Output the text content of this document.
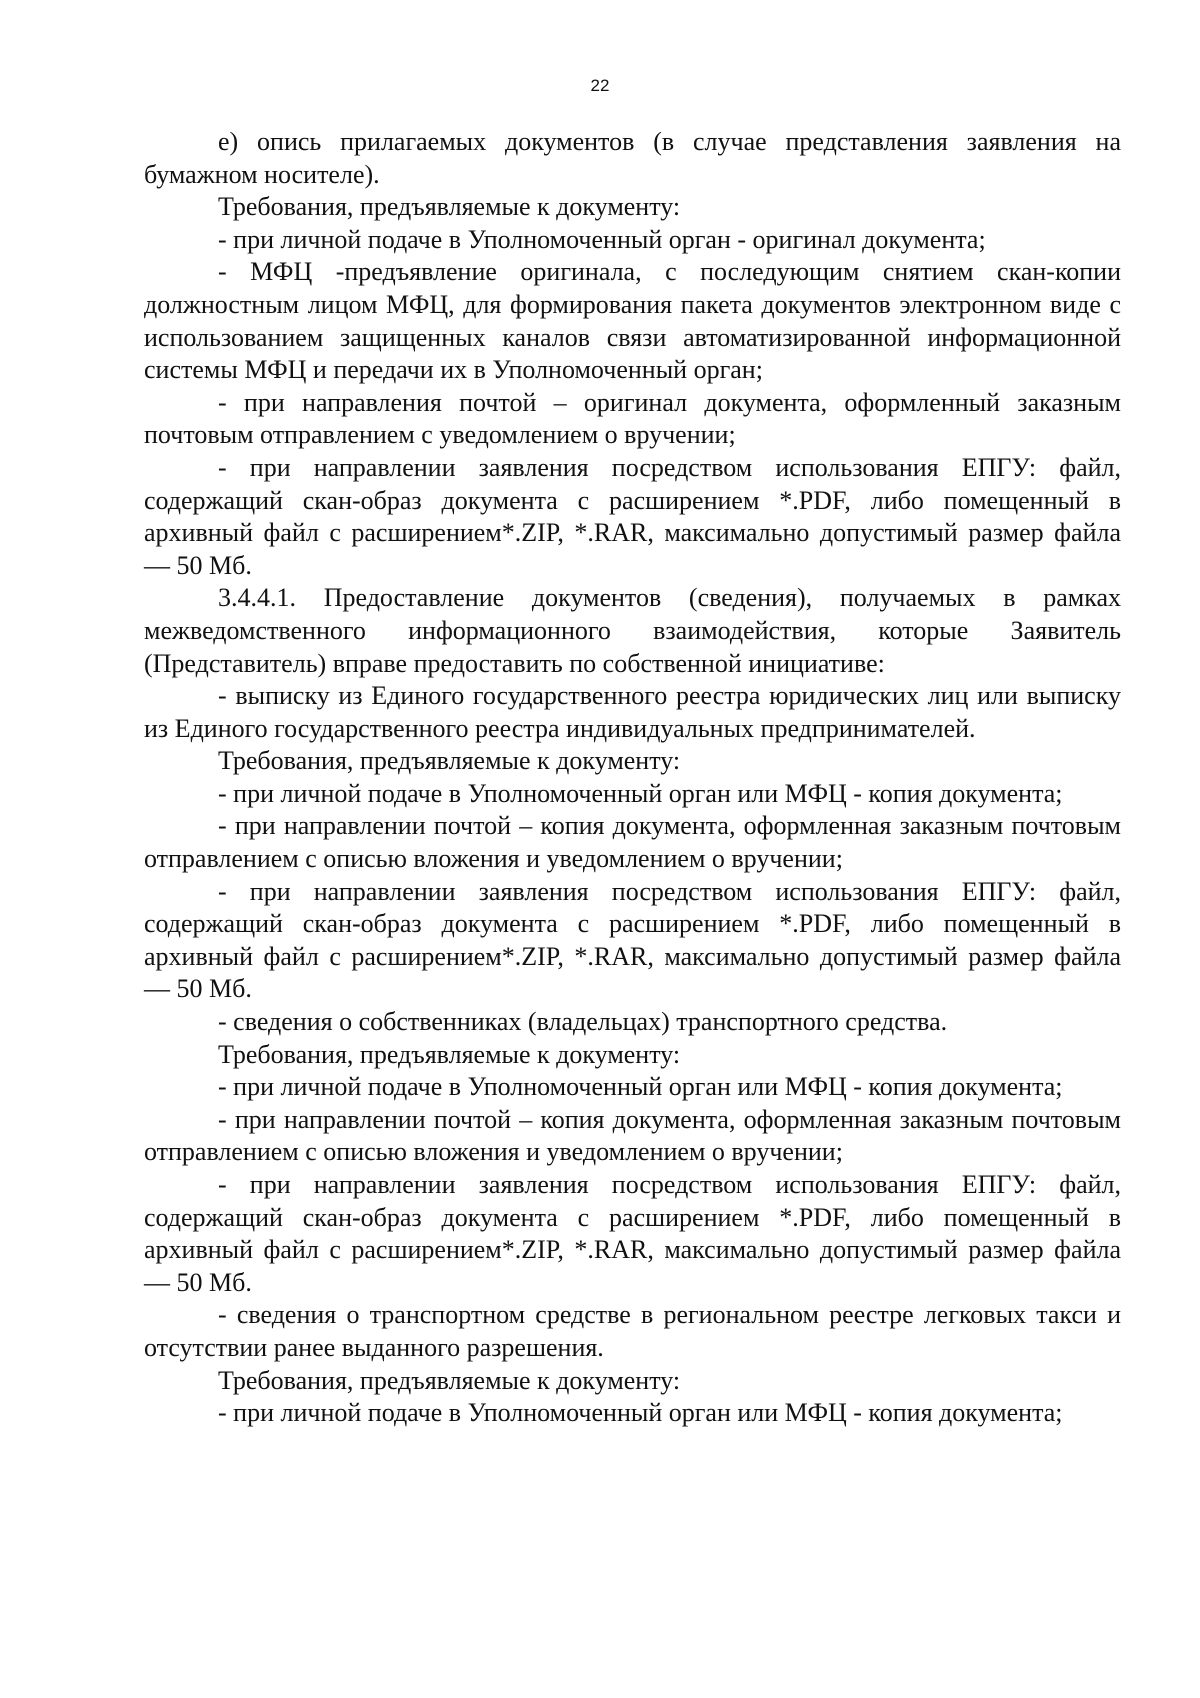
22

е) опись прилагаемых документов (в случае представления заявления на бумажном носителе).

Требования, предъявляемые к документу:

- при личной подаче в Уполномоченный орган - оригинал документа;

- МФЦ -предъявление оригинала, с последующим снятием скан-копии должностным лицом МФЦ, для формирования пакета документов электронном виде с использованием защищенных каналов связи автоматизированной информационной системы МФЦ и передачи их в Уполномоченный орган;

- при направления почтой – оригинал документа, оформленный заказным почтовым отправлением с уведомлением о вручении;

- при направлении заявления посредством использования ЕПГУ: файл, содержащий скан-образ документа с расширением *.PDF, либо помещенный в архивный файл с расширением*.ZIP, *.RAR, максимально допустимый размер файла — 50 Мб.

3.4.4.1. Предоставление документов (сведения), получаемых в рамках межведомственного информационного взаимодействия, которые Заявитель (Представитель) вправе предоставить по собственной инициативе:

- выписку из Единого государственного реестра юридических лиц или выписку из Единого государственного реестра индивидуальных предпринимателей.

Требования, предъявляемые к документу:

- при личной подаче в Уполномоченный орган или МФЦ - копия документа;

- при направлении почтой – копия документа, оформленная заказным почтовым отправлением с описью вложения и уведомлением о вручении;

- при направлении заявления посредством использования ЕПГУ: файл, содержащий скан-образ документа с расширением *.PDF, либо помещенный в архивный файл с расширением*.ZIP, *.RAR, максимально допустимый размер файла — 50 Мб.

- сведения о собственниках (владельцах) транспортного средства.

Требования, предъявляемые к документу:

- при личной подаче в Уполномоченный орган или МФЦ - копия документа;

- при направлении почтой – копия документа, оформленная заказным почтовым отправлением с описью вложения и уведомлением о вручении;

- при направлении заявления посредством использования ЕПГУ: файл, содержащий скан-образ документа с расширением *.PDF, либо помещенный в архивный файл с расширением*.ZIP, *.RAR, максимально допустимый размер файла — 50 Мб.

- сведения о транспортном средстве в региональном реестре легковых такси и отсутствии ранее выданного разрешения.

Требования, предъявляемые к документу:

- при личной подаче в Уполномоченный орган или МФЦ - копия документа;
